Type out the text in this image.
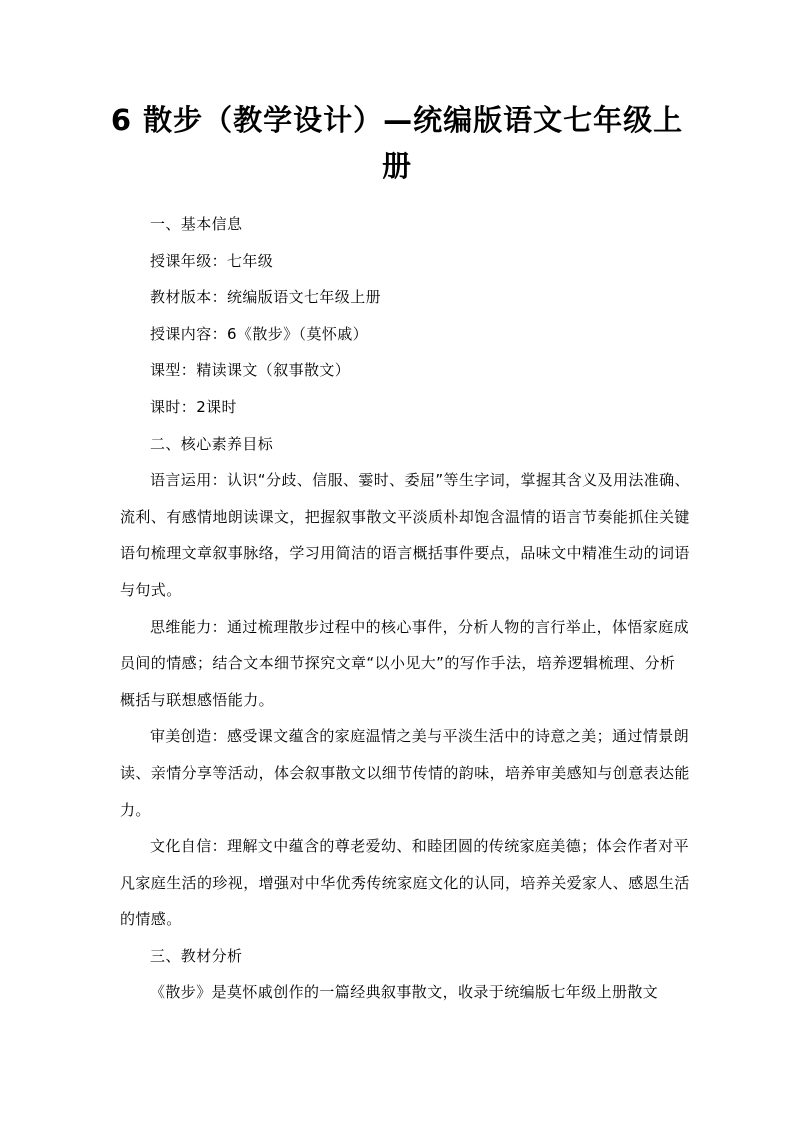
6 散步（教学设计）—统编版语文七年级上册

一、基本信息

授课年级：七年级

教材版本：统编版语文七年级上册

授课内容：6《散步》（莫怀戚）

课型：精读课文（叙事散文）

课时：2课时

二、核心素养目标

语言运用：认识“分歧、信服、霎时、委屈”等生字词，掌握其含义及用法准确、流利、有感情地朗读课文，把握叙事散文平淡质朴却饱含温情的语言节奏能抓住关键语句梳理文章叙事脉络，学习用简洁的语言概括事件要点，品味文中精准生动的词语与句式。

思维能力：通过梳理散步过程中的核心事件，分析人物的言行举止，体悟家庭成员间的情感；结合文本细节探究文章“以小见大”的写作手法，培养逻辑梳理、分析概括与联想感悟能力。

审美创造：感受课文蕴含的家庭温情之美与平淡生活中的诗意之美；通过情景朗读、亲情分享等活动，体会叙事散文以细节传情的韵味，培养审美感知与创意表达能力。

文化自信：理解文中蕴含的尊老爱幼、和睦团圆的传统家庭美德；体会作者对平凡家庭生活的珍视，增强对中华优秀传统家庭文化的认同，培养关爱家人、感恩生活的情感。

三、教材分析

《散步》是莫怀戚创作的一篇经典叙事散文，收录于统编版七年级上册散文
